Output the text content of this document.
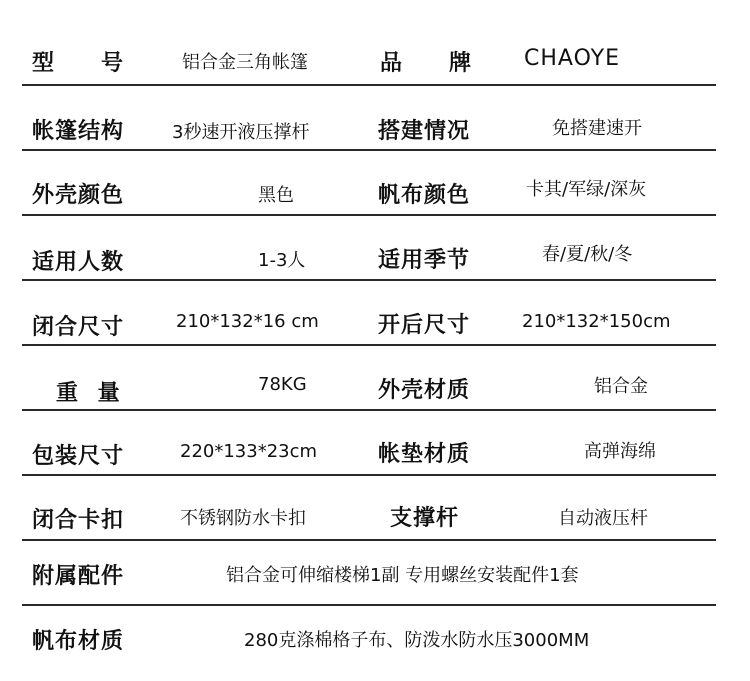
型　　号	铝合金三角帐篷	品　　牌 CHAOYE
帐篷结构	3秒速开液压撑杆	搭建情况	免搭建速开
外壳颜色	黑色	帆布颜色	卡其/军绿/深灰
适用人数	1-3人	适用季节	春/夏/秋/冬
闭合尺寸	210*132*16 cm	开后尺寸	210*132*150cm
重 量	78KG	外壳材质	铝合金
包装尺寸	220*133*23cm	帐垫材质	高弹海绵
闭合卡扣	不锈钢防水卡扣	支撑杆	自动液压杆
附属配件	铝合金可伸缩楼梯1副 专用螺丝安装配件1套
帆布材质	280克涤棉格子布、防泼水防水压3000MM
